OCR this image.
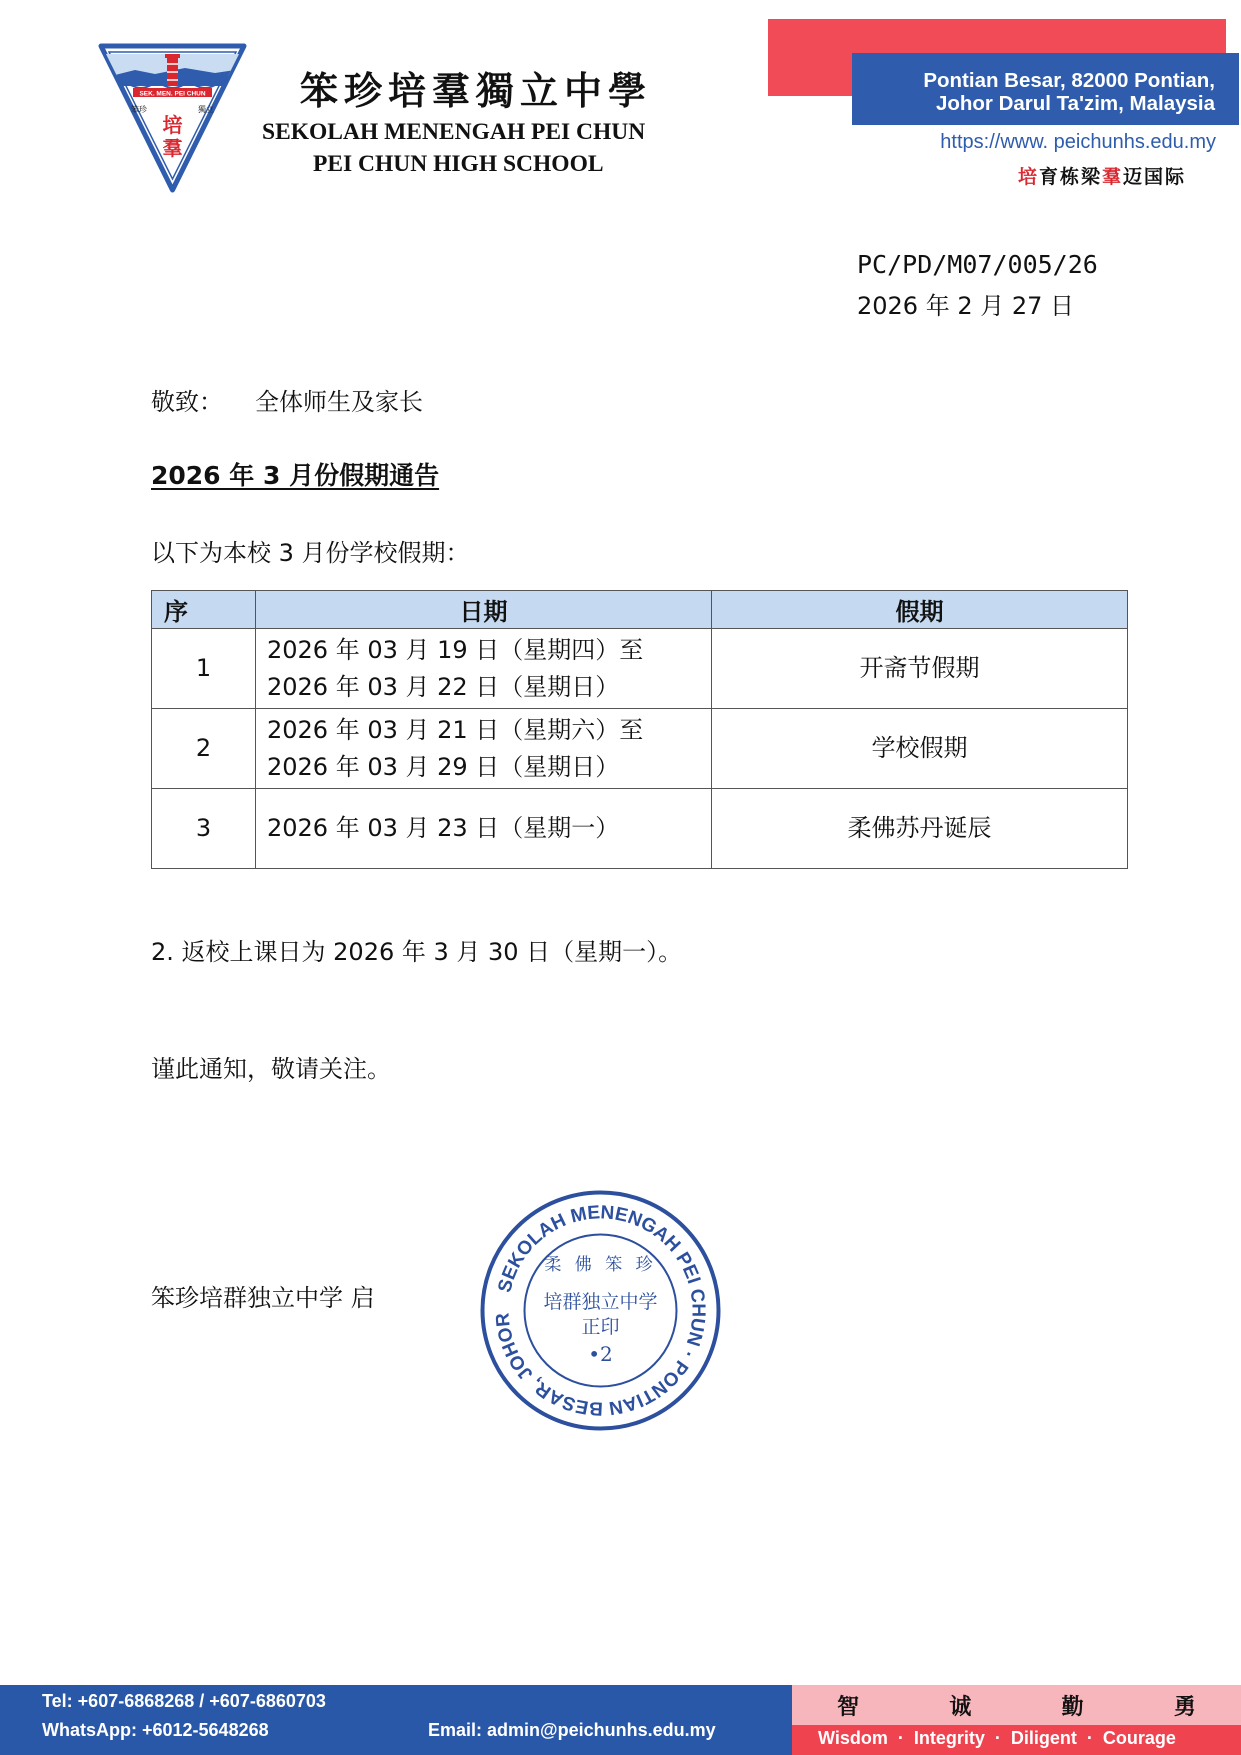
SEK. MEN. PEI CHUN
笨珍	獨立
培
羣
笨珍培羣獨立中學
SEKOLAH MENENGAH PEI CHUN
PEI CHUN HIGH SCHOOL
Pontian Besar, 82000 Pontian,
Johor Darul Ta'zim, Malaysia
https://www. peichunhs.edu.my
培育栋梁羣迈国际
PC/PD/M07/005/26
2026 年 2 月 27 日
敬致： 全体师生及家长
2026 年 3 月份假期通告
以下为本校 3 月份学校假期：
序	日期	假期
1	2026 年 03 月 19 日（星期四）至
2026 年 03 月 22 日（星期日）	开斋节假期
2	2026 年 03 月 21 日（星期六）至
2026 年 03 月 29 日（星期日）	学校假期
3	2026 年 03 月 23 日（星期一）	柔佛苏丹诞辰
2. 返校上课日为 2026 年 3 月 30 日（星期一）。
谨此通知，敬请关注。
笨珍培群独立中学 启	SEKOLAH MENENGAH PEI CHUN · PONTIAN BESAR, JOHOR
柔 佛 笨 珍
培群独立中学
正印
•2
Tel: +607-6868268 / +607-6860703
WhatsApp: +6012-5648268	Email: admin@peichunhs.edu.my
智	诚	勤	勇
Wisdom · Integrity · Diligent · Courage
